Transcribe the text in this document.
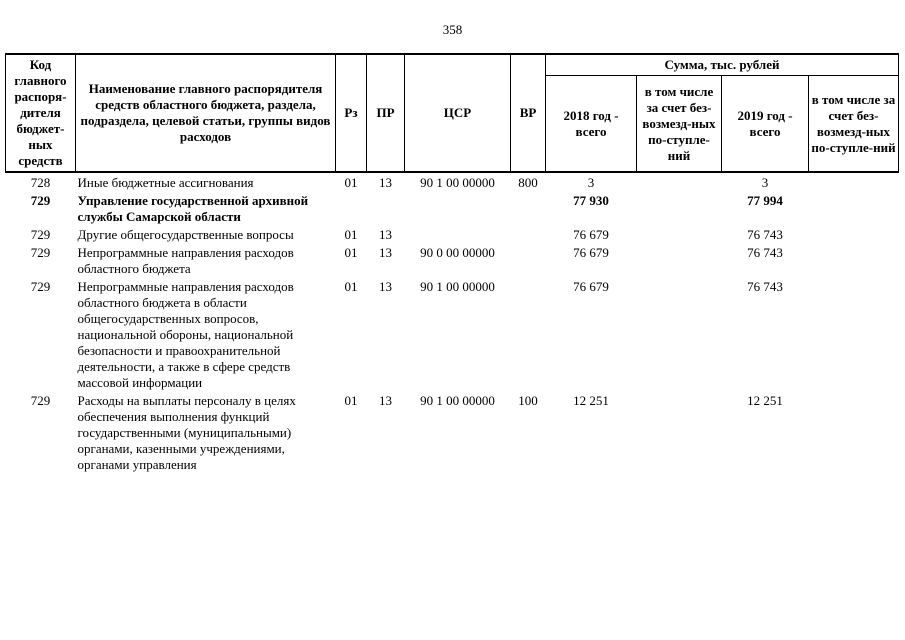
358
Код главного распоря-дителя бюджет-ных средств	Наименование главного распорядителя средств областного бюджета, раздела, подраздела, целевой статьи, группы видов расходов	Рз	ПР	ЦСР	ВР	Сумма, тыс. рублей			
						2018 год - всего	в том числе за счет без-возмезд-ных по-ступле-ний	2019 год - всего	в том числе за счет без-возмезд-ных по-ступле-ний
728	Иные бюджетные ассигнования	01	13	90 1 00 00000	800	3		3	
729	Управление государственной архивной службы Самарской области					77 930		77 994	
729	Другие общегосударственные вопросы	01	13			76 679		76 743	
729	Непрограммные направления расходов областного бюджета	01	13	90 0 00 00000		76 679		76 743	
729	Непрограммные направления расходов областного бюджета в области общегосударственных вопросов, национальной обороны, национальной безопасности и правоохранительной деятельности, а также в сфере средств массовой информации	01	13	90 1 00 00000		76 679		76 743	
729	Расходы на выплаты персоналу в целях обеспечения выполнения функций государственными (муниципальными) органами, казенными учреждениями, органами управления	01	13	90 1 00 00000	100	12 251		12 251	
